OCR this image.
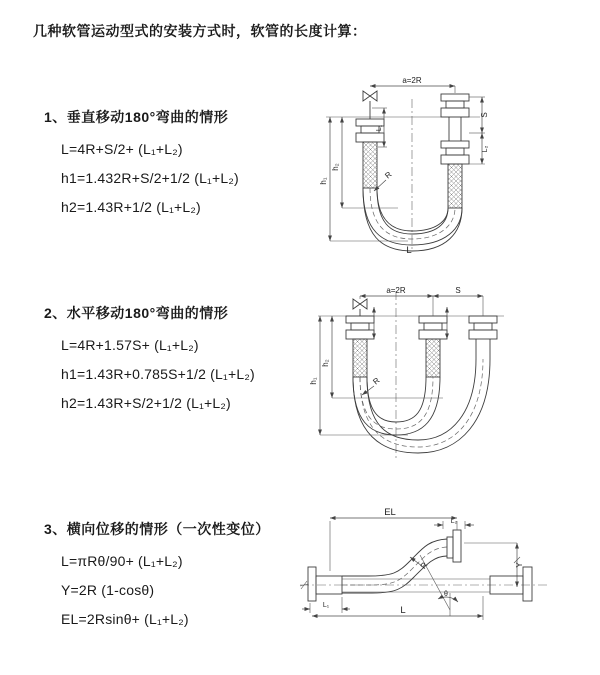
几种软管运动型式的安装方式时，软管的长度计算：
1、垂直移动180°弯曲的情形
L=4R+S/2+ (L₁+L₂)
h1=1.432R+S/2+1/2 (L₁+L₂)
h2=1.43R+1/2 (L₁+L₂)
a=2R
S
L₂
h₁
h₂
L₁
R
L
2、水平移动180°弯曲的情形
L=4R+1.57S+ (L₁+L₂)
h1=1.43R+0.785S+1/2 (L₁+L₂)
h2=1.43R+S/2+1/2 (L₁+L₂)
a=2R	S
h₁
h₂
R
3、横向位移的情形（一次性变位）
L=πRθ/90+ (L₁+L₂)
Y=2R (1-cosθ)
EL=2Rsinθ+ (L₁+L₂)
θ
EL
L₂
Y
R
L₁	L
